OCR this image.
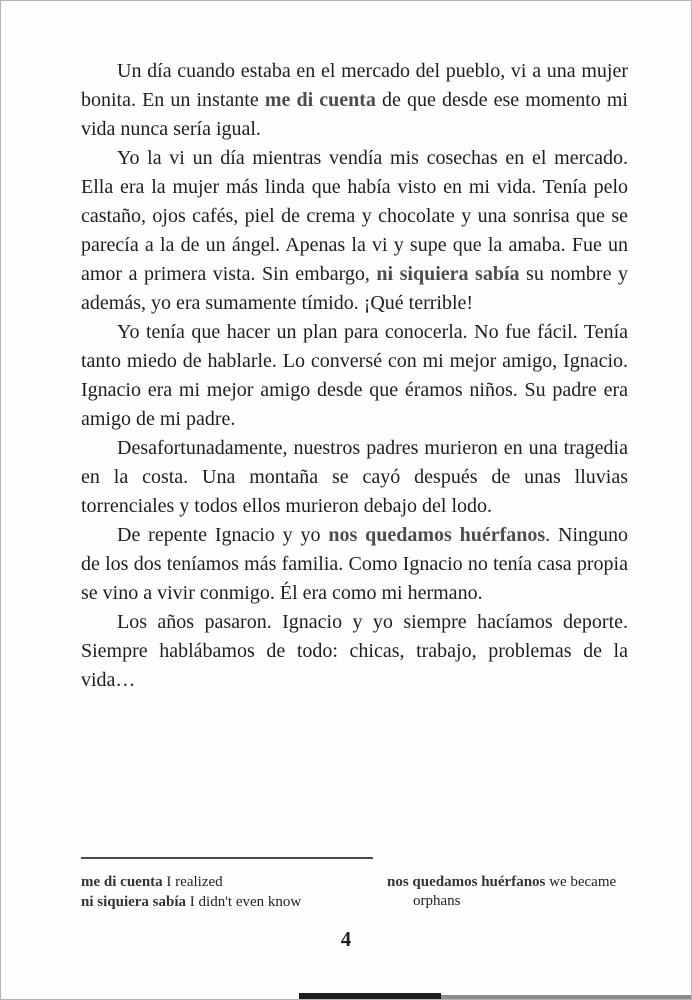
Un día cuando estaba en el mercado del pueblo, vi a una mujer bonita. En un instante me di cuenta de que desde ese momento mi vida nunca sería igual.

Yo la vi un día mientras vendía mis cosechas en el mercado. Ella era la mujer más linda que había visto en mi vida. Tenía pelo castaño, ojos cafés, piel de crema y chocolate y una sonrisa que se parecía a la de un ángel. Apenas la vi y supe que la amaba. Fue un amor a primera vista. Sin embargo, ni siquiera sabía su nombre y además, yo era sumamente tímido. ¡Qué terrible!

Yo tenía que hacer un plan para conocerla. No fue fácil. Tenía tanto miedo de hablarle. Lo conversé con mi mejor amigo, Ignacio. Ignacio era mi mejor amigo desde que éramos niños. Su padre era amigo de mi padre.

Desafortunadamente, nuestros padres murieron en una tragedia en la costa. Una montaña se cayó después de unas lluvias torrenciales y todos ellos murieron debajo del lodo.

De repente Ignacio y yo nos quedamos huérfanos. Ninguno de los dos teníamos más familia. Como Ignacio no tenía casa propia se vino a vivir conmigo. Él era como mi hermano.

Los años pasaron. Ignacio y yo siempre hacíamos deporte. Siempre hablábamos de todo: chicas, trabajo, problemas de la vida…

me di cuenta I realized
ni siquiera sabía I didn't even know
nos quedamos huérfanos we became orphans
4
